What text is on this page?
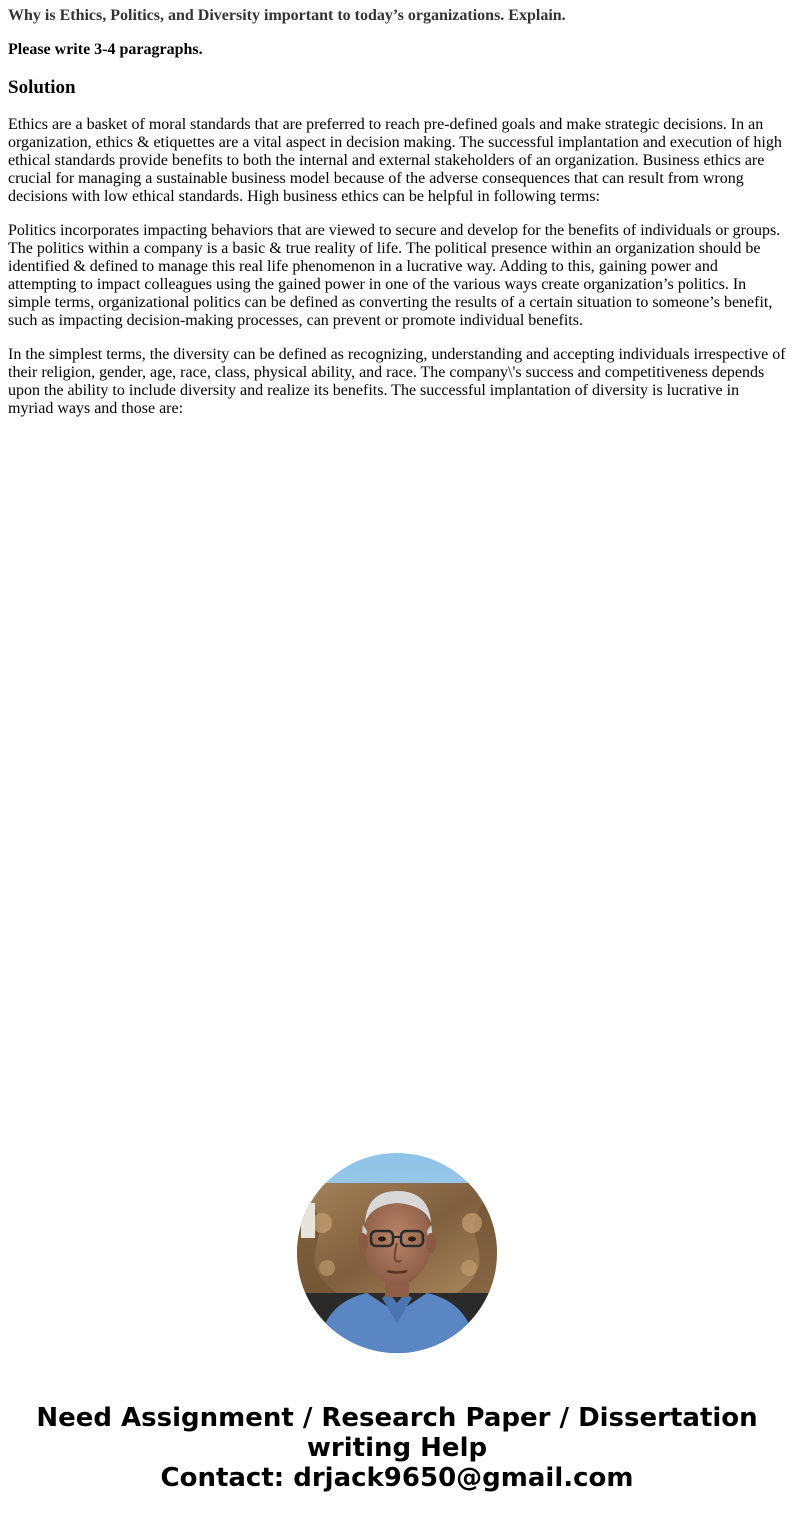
Why is Ethics, Politics, and Diversity important to today’s organizations. Explain.
Please write 3-4 paragraphs.
Solution

Ethics are a basket of moral standards that are preferred to reach pre-defined goals and make strategic decisions. In an organization, ethics & etiquettes are a vital aspect in decision making. The successful implantation and execution of high ethical standards provide benefits to both the internal and external stakeholders of an organization. Business ethics are crucial for managing a sustainable business model because of the adverse consequences that can result from wrong decisions with low ethical standards. High business ethics can be helpful in following terms:

Politics incorporates impacting behaviors that are viewed to secure and develop for the benefits of individuals or groups. The politics within a company is a basic & true reality of life. The political presence within an organization should be identified & defined to manage this real life phenomenon in a lucrative way. Adding to this, gaining power and attempting to impact colleagues using the gained power in one of the various ways create organization’s politics. In simple terms, organizational politics can be defined as converting the results of a certain situation to someone’s benefit, such as impacting decision-making processes, can prevent or promote individual benefits.

In the simplest terms, the diversity can be defined as recognizing, understanding and accepting individuals irrespective of their religion, gender, age, race, class, physical ability, and race. The company\'s success and competitiveness depends upon the ability to include diversity and realize its benefits. The successful implantation of diversity is lucrative in myriad ways and those are:

Need Assignment / Research Paper / Dissertation
writing Help
Contact: drjack9650@gmail.com
